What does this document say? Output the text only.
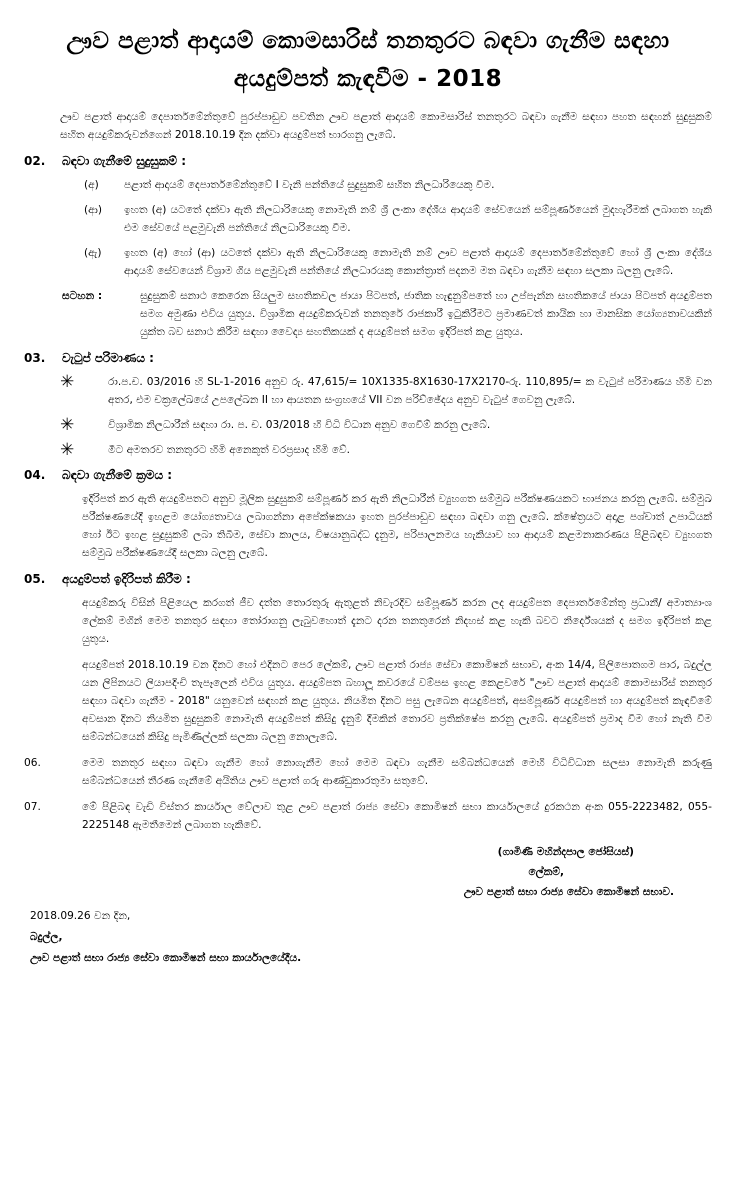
ඌව පළාත් ආදායම් කොමසාරිස් තනතුරට බඳවා ගැනීම සඳහා
අයදුම්පත් කැඳවීම - 2018
ඌව පළාත් ආදායම් දෙපාර්තමේන්තුවේ පුරප්පාඩුව පවතින ඌව පළාත් ආදායම් කොමසාරිස් තනතුරට බඳවා ගැනීම සඳහා පහත සඳහන් සුදුසුකම් සහිත අයදුම්කරුවන්ගෙන් 2018.10.19 දින දක්වා අයදුම්පත් භාරගනු ලැබේ.
02.	බඳවා ගැනීමේ සුදුසුකම් :
(අ)	පළාත් ආදායම් දෙපාර්තමේන්තුවේ I වැනි පන්තියේ සුදුසුකම් සහිත නිලධාරියෙකු වීම.
(ආ)	ඉහත (අ) යටතේ දක්වා ඇති නිලධාරියෙකු නොමැති නම් ශ්‍රී ලංකා දේශීය ආදායම් සේවයෙන් සම්පූර්ණයෙන් මුදහැරීමක් ලබාගත හැකි එම සේවයේ පළමුවැනි පන්තියේ නිලධාරියෙකු වීම.
(ඇ)	ඉහත (අ) හෝ (ආ) යටතේ දක්වා ඇති නිලධාරියෙකු නොමැති නම් ඌව පළාත් ආදායම් දෙපාර්තමේන්තුවේ හෝ ශ්‍රී ලංකා දේශීය ආදායම් සේවයෙන් විශ්‍රාම ගිය පළමුවැනි පන්තියේ නිලධාරයකු කොන්ත්‍රාත් පදනම මත බඳවා ගැනීම සඳහා සලකා බලනු ලැබේ.
සටහන :	සුදුසුකම් සනාථ කෙරෙන සියලුම සහතිකවල ජායා පිටපත්, ජාතික හැඳුනුම්පතේ හා උප්පැන්න සහතිකයේ ජායා පිටපත් අයදුම්පත සමග අමුණා එවිය යුතුය. විශ්‍රාමික අයදුම්කරුවන් තනතුරේ රාජකාරී ඉටුකිරීමට ප්‍රමාණවත් කායික හා මානසික යෝග්‍යතාවයකින් යුක්ත බව සනාථ කිරීම සඳහා වෛද්‍ය සහතිකයක් ද අයදුම්පත් සමග ඉදිරිපත් කළ යුතුය.
03.	වැටුප් පරිමාණය :
✳	රා.ප.ච. 03/2016 හි SL-1-2016 අනුව රු. 47,615/= 10X1335-8X1630-17X2170-රු. 110,895/= ක වැටුප් පරිමාණය හිමි වන අතර, එම චක්‍රලේඛයේ උපලේඛන II හා ආයතන සංග්‍රහයේ VII වන පරිච්ඡේදය අනුව වැටුප් ගෙවනු ලැබේ.
✳	විශ්‍රාමික නිලධාරීන් සඳහා රා. ප. ච. 03/2018 හි විධි විධාන අනුව ගෙවීම් කරනු ලැබේ.
✳	මීට අමතරව තනතුරට හිමි අනෙකුත් වරප්‍රසාද හිමි වේ.
04.	බඳවා ගැනීමේ ක්‍රමය :
ඉදිරිපත් කර ඇති අයදුම්පතට අනුව මූලික සුදුසුකම් සම්පූර්ණ කර ඇති නිලධාරීන් ව්‍යුහගත සම්මුඛ පරීක්ෂණයකට භාජනය කරනු ලැබේ. සම්මුඛ පරීක්ෂණයේදී ඉහළම යෝග්‍යතාවය ලබාගන්නා අපේක්ෂකයා ඉහත පුරප්පාඩුව සඳහා බඳවා ගනු ලැබේ. ක්ෂේත්‍රයට අදාළ පශ්චාත් උපාධියක් හෝ ඊට ඉහළ සුදුසුකම් ලබා තිබීම, සේවා කාලය, විෂයානුබද්ධ දැනුම, පරිපාලනමය හැකියාව හා ආදායම් කළමනාකරණය පිළිබඳව ව්‍යුහගත සම්මුඛ පරීක්ෂණයේදී සලකා බලනු ලැබේ.
05.	අයදුම්පත් ඉදිරිපත් කිරීම :
අයදුම්කරු විසින් පිළියෙල කරගත් ජීව දත්ත තොරතුරු ඇතුළත් නිවැරදිව සම්පූර්ණ කරන ලද අයදුම්පත දෙපාර්තමේන්තු ප්‍රධානී/ අමාත්‍යාංශ ලේකම් මගින් මෙම තනතුර සඳහා තෝරාගනු ලැබුවහොත් දැනට දරන තනතුරෙන් නිදහස් කළ හැකි බවට නිර්දේශයක් ද සමග ඉදිරිපත් කළ යුතුය.
අයදුම්පත් 2018.10.19 වන දිනට හෝ එදිනට පෙර ලේකම්, ඌව පළාත් රාජ්‍ය සේවා කොමිෂන් සභාව, අංක 14/4, පිලිපොතගම පාර, බදුල්ල යන ලිපිනයට ලියාපදිංචි තැපෑලෙන් එවිය යුතුය. අයදුම්පත බහාලූ කවරයේ වම්පස ඉහළ කෙළවරේ "ඌව පළාත් ආදායම් කොමසාරිස් තනතුර සඳහා බඳවා ගැනීම - 2018" යනුවෙන් සඳහන් කළ යුතුය. නියමිත දිනට පසු ලැබෙන අයදුම්පත්, අසම්පූර්ණ අයදුම්පත් හා අයදුම්පත් කැඳවීමේ අවසාන දිනට නියමිත සුදුසුකම් නොමැති අයදුම්පත් කිසිදු දැනුම් දීමකින් තොරව ප්‍රතික්ෂේප කරනු ලැබේ. අයදුම්පත් ප්‍රමාද වීම හෝ නැති වීම සම්බන්ධයෙන් කිසිදු පැමිණිල්ලක් සලකා බලනු නොලැබේ.
06.	මෙම තනතුර සඳහා බඳවා ගැනීම හෝ නොගැනීම හෝ මෙම බඳවා ගැනීම සම්බන්ධයෙන් මෙහි විධිවිධාන සලසා නොමැති කරුණු සම්බන්ධයෙන් තීරණ ගැනීමේ අයිතිය ඌව පළාත් ගරු ආණ්ඩුකාරතුමා සතුවේ.
07.	මේ පිළිබඳ වැඩි විස්තර කාර්යාල වේලාව තුළ ඌව පළාත් රාජ්‍ය සේවා කොමිෂන් සභා කාර්යාලයේ දුරකථන අංක 055-2223482, 055-2225148 ඇමතීමෙන් ලබාගත හැකිවේ.
(ගාමිණී මහින්දපාල ජෝසියස්)
ලේකම්,
ඌව පළාත් සභා රාජ්‍ය සේවා කොමිෂන් සභාව.
2018.09.26 වන දින,
බදුල්ල,
ඌව පළාත් සභා රාජ්‍ය සේවා කොමිෂන් සභා කාර්යාලයේදීය.
